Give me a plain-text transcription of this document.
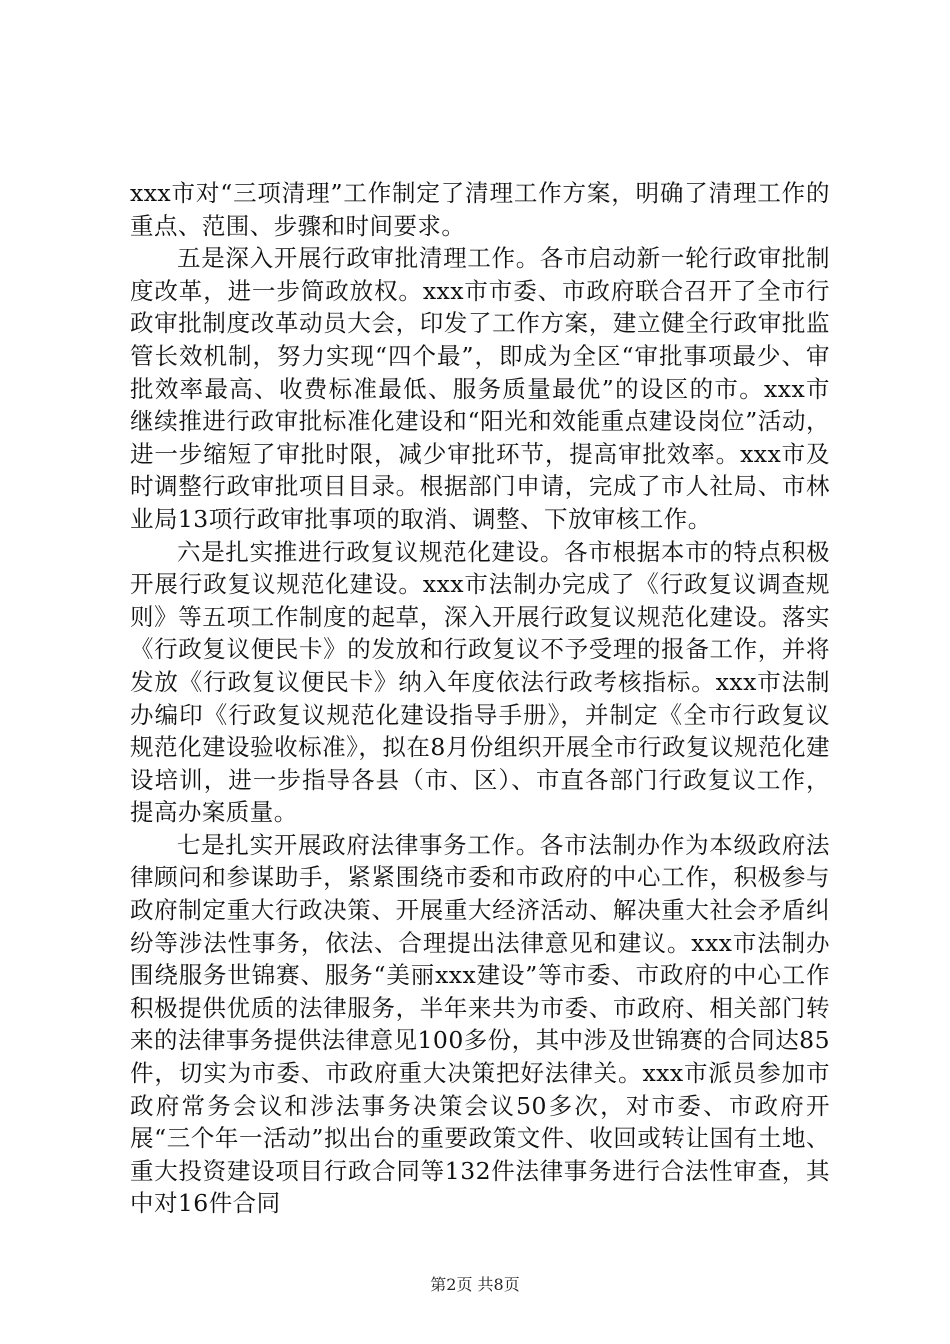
xxx市对“三项清理”工作制定了清理工作方案，明确了清理工作的重点、范围、步骤和时间要求。

五是深入开展行政审批清理工作。各市启动新一轮行政审批制度改革，进一步简政放权。xxx市市委、市政府联合召开了全市行政审批制度改革动员大会，印发了工作方案，建立健全行政审批监管长效机制，努力实现“四个最”，即成为全区“审批事项最少、审批效率最高、收费标准最低、服务质量最优”的设区的市。xxx市继续推进行政审批标准化建设和“阳光和效能重点建设岗位”活动，进一步缩短了审批时限，减少审批环节，提高审批效率。xxx市及时调整行政审批项目目录。根据部门申请，完成了市人社局、市林业局13项行政审批事项的取消、调整、下放审核工作。

六是扎实推进行政复议规范化建设。各市根据本市的特点积极开展行政复议规范化建设。xxx市法制办完成了《行政复议调查规则》等五项工作制度的起草，深入开展行政复议规范化建设。落实《行政复议便民卡》的发放和行政复议不予受理的报备工作，并将发放《行政复议便民卡》纳入年度依法行政考核指标。xxx市法制办编印《行政复议规范化建设指导手册》，并制定《全市行政复议规范化建设验收标准》，拟在8月份组织开展全市行政复议规范化建设培训，进一步指导各县（市、区）、市直各部门行政复议工作，提高办案质量。

七是扎实开展政府法律事务工作。各市法制办作为本级政府法律顾问和参谋助手，紧紧围绕市委和市政府的中心工作，积极参与政府制定重大行政决策、开展重大经济活动、解决重大社会矛盾纠纷等涉法性事务，依法、合理提出法律意见和建议。xxx市法制办围绕服务世锦赛、服务“美丽xxx建设”等市委、市政府的中心工作积极提供优质的法律服务，半年来共为市委、市政府、相关部门转来的法律事务提供法律意见100多份，其中涉及世锦赛的合同达85件，切实为市委、市政府重大决策把好法律关。xxx市派员参加市政府常务会议和涉法事务决策会议50多次，对市委、市政府开展“三个年一活动”拟出台的重要政策文件、收回或转让国有土地、重大投资建设项目行政合同等132件法律事务进行合法性审查，其中对16件合同

第2页 共8页
